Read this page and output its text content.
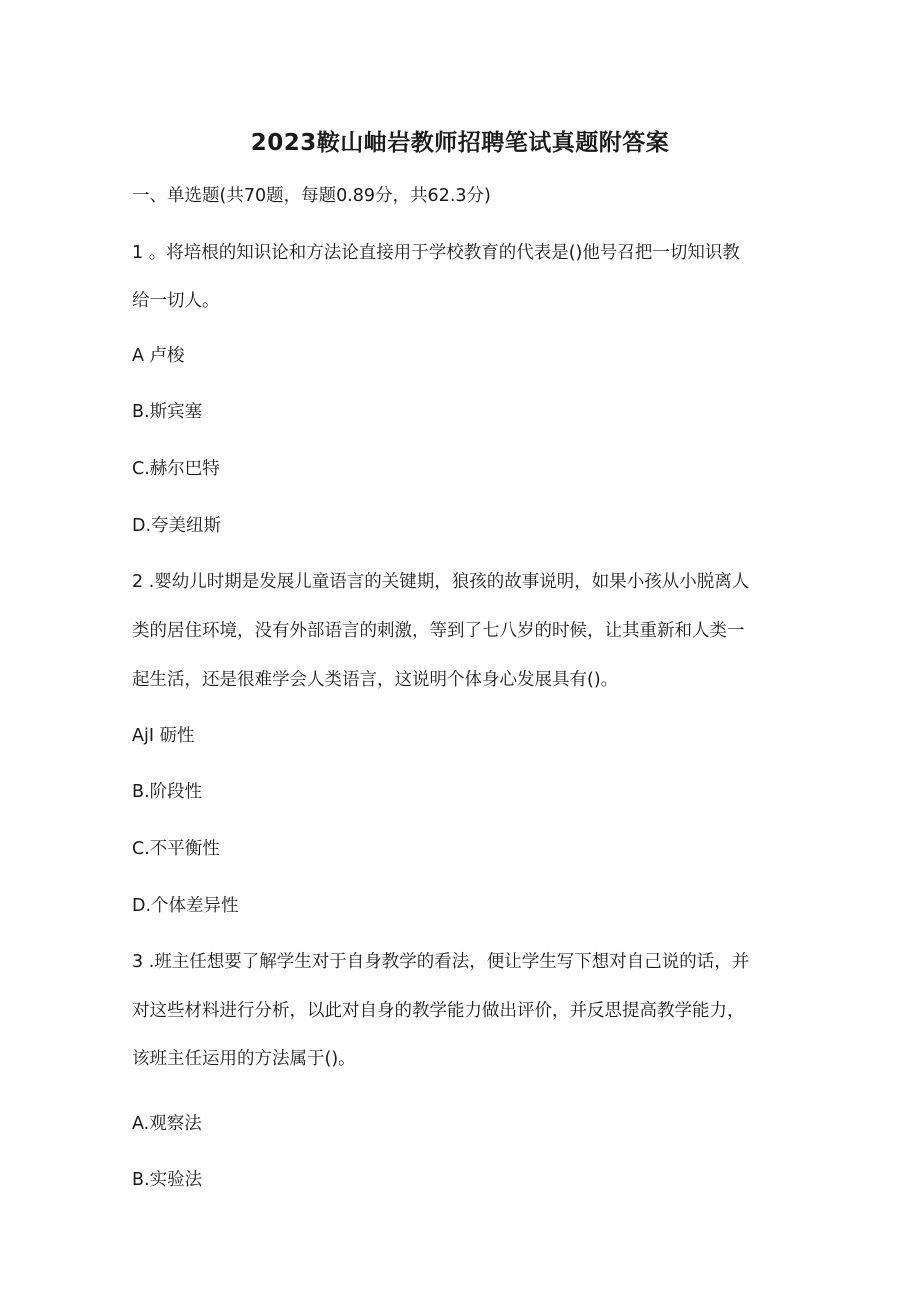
2023鞍山岫岩教师招聘笔试真题附答案
一、单选题(共70题，每题0.89分，共62.3分)
1 。将培根的知识论和方法论直接用于学校教育的代表是()他号召把一切知识教
给一切人。
A 卢梭
B.斯宾塞
C.赫尔巴特
D.夸美纽斯
2 .婴幼儿时期是发展儿童语言的关键期，狼孩的故事说明，如果小孩从小脱离人
类的居住环境，没有外部语言的刺激，等到了七八岁的时候，让其重新和人类一
起生活，还是很难学会人类语言，这说明个体身心发展具有()。
AjI 砺性
B.阶段性
C.不平衡性
D.个体差异性
3 .班主任想要了解学生对于自身教学的看法，便让学生写下想对自己说的话，并
对这些材料进行分析，以此对自身的教学能力做出评价，并反思提高教学能力，
该班主任运用的方法属于()。
A.观察法
B.实验法
